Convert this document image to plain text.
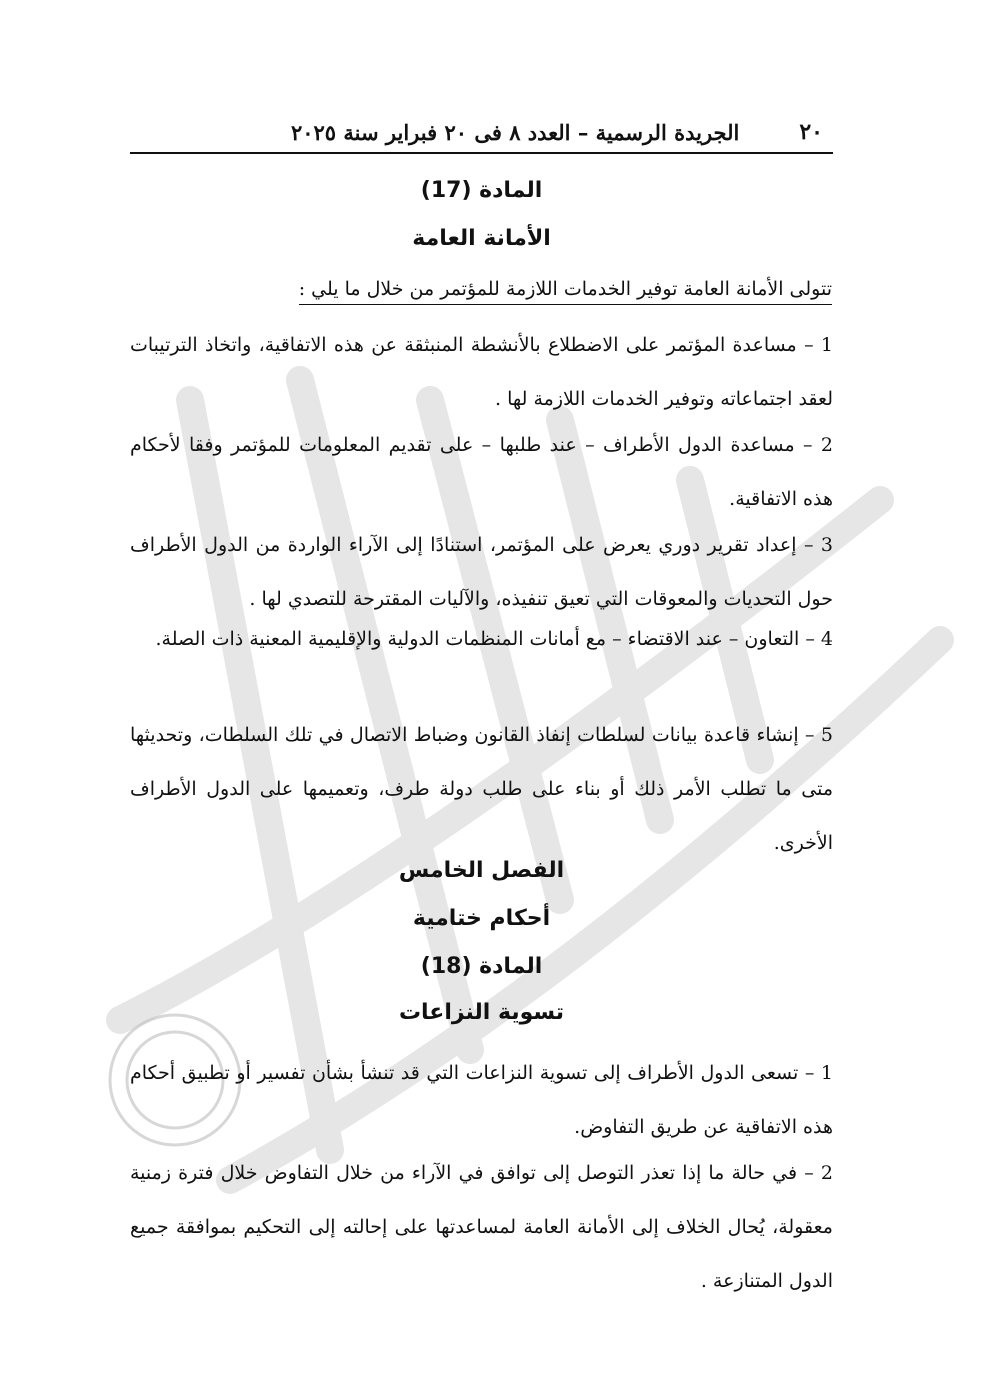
٢٠
الجريدة الرسمية – العدد ٨ فى ٢٠ فبراير سنة ٢٠٢٥
المادة (17)
الأمانة العامة
تتولى الأمانة العامة توفير الخدمات اللازمة للمؤتمر من خلال ما يلي :
1 – مساعدة المؤتمر على الاضطلاع بالأنشطة المنبثقة عن هذه الاتفاقية، واتخاذ الترتيبات لعقد اجتماعاته وتوفير الخدمات اللازمة لها .
2 – مساعدة الدول الأطراف – عند طلبها – على تقديم المعلومات للمؤتمر وفقا لأحكام هذه الاتفاقية.
3 – إعداد تقرير دوري يعرض على المؤتمر، استنادًا إلى الآراء الواردة من الدول الأطراف حول التحديات والمعوقات التي تعيق تنفيذه، والآليات المقترحة للتصدي لها .
4 – التعاون – عند الاقتضاء – مع أمانات المنظمات الدولية والإقليمية المعنية ذات الصلة.
5 – إنشاء قاعدة بيانات لسلطات إنفاذ القانون وضباط الاتصال في تلك السلطات، وتحديثها متى ما تطلب الأمر ذلك أو بناء على طلب دولة طرف، وتعميمها على الدول الأطراف الأخرى.
الفصل الخامس
أحكام ختامية
المادة (18)
تسوية النزاعات
1 – تسعى الدول الأطراف إلى تسوية النزاعات التي قد تنشأ بشأن تفسير أو تطبيق أحكام هذه الاتفاقية عن طريق التفاوض.
2 – في حالة ما إذا تعذر التوصل إلى توافق في الآراء من خلال التفاوض خلال فترة زمنية معقولة، يُحال الخلاف إلى الأمانة العامة لمساعدتها على إحالته إلى التحكيم بموافقة جميع الدول المتنازعة .
